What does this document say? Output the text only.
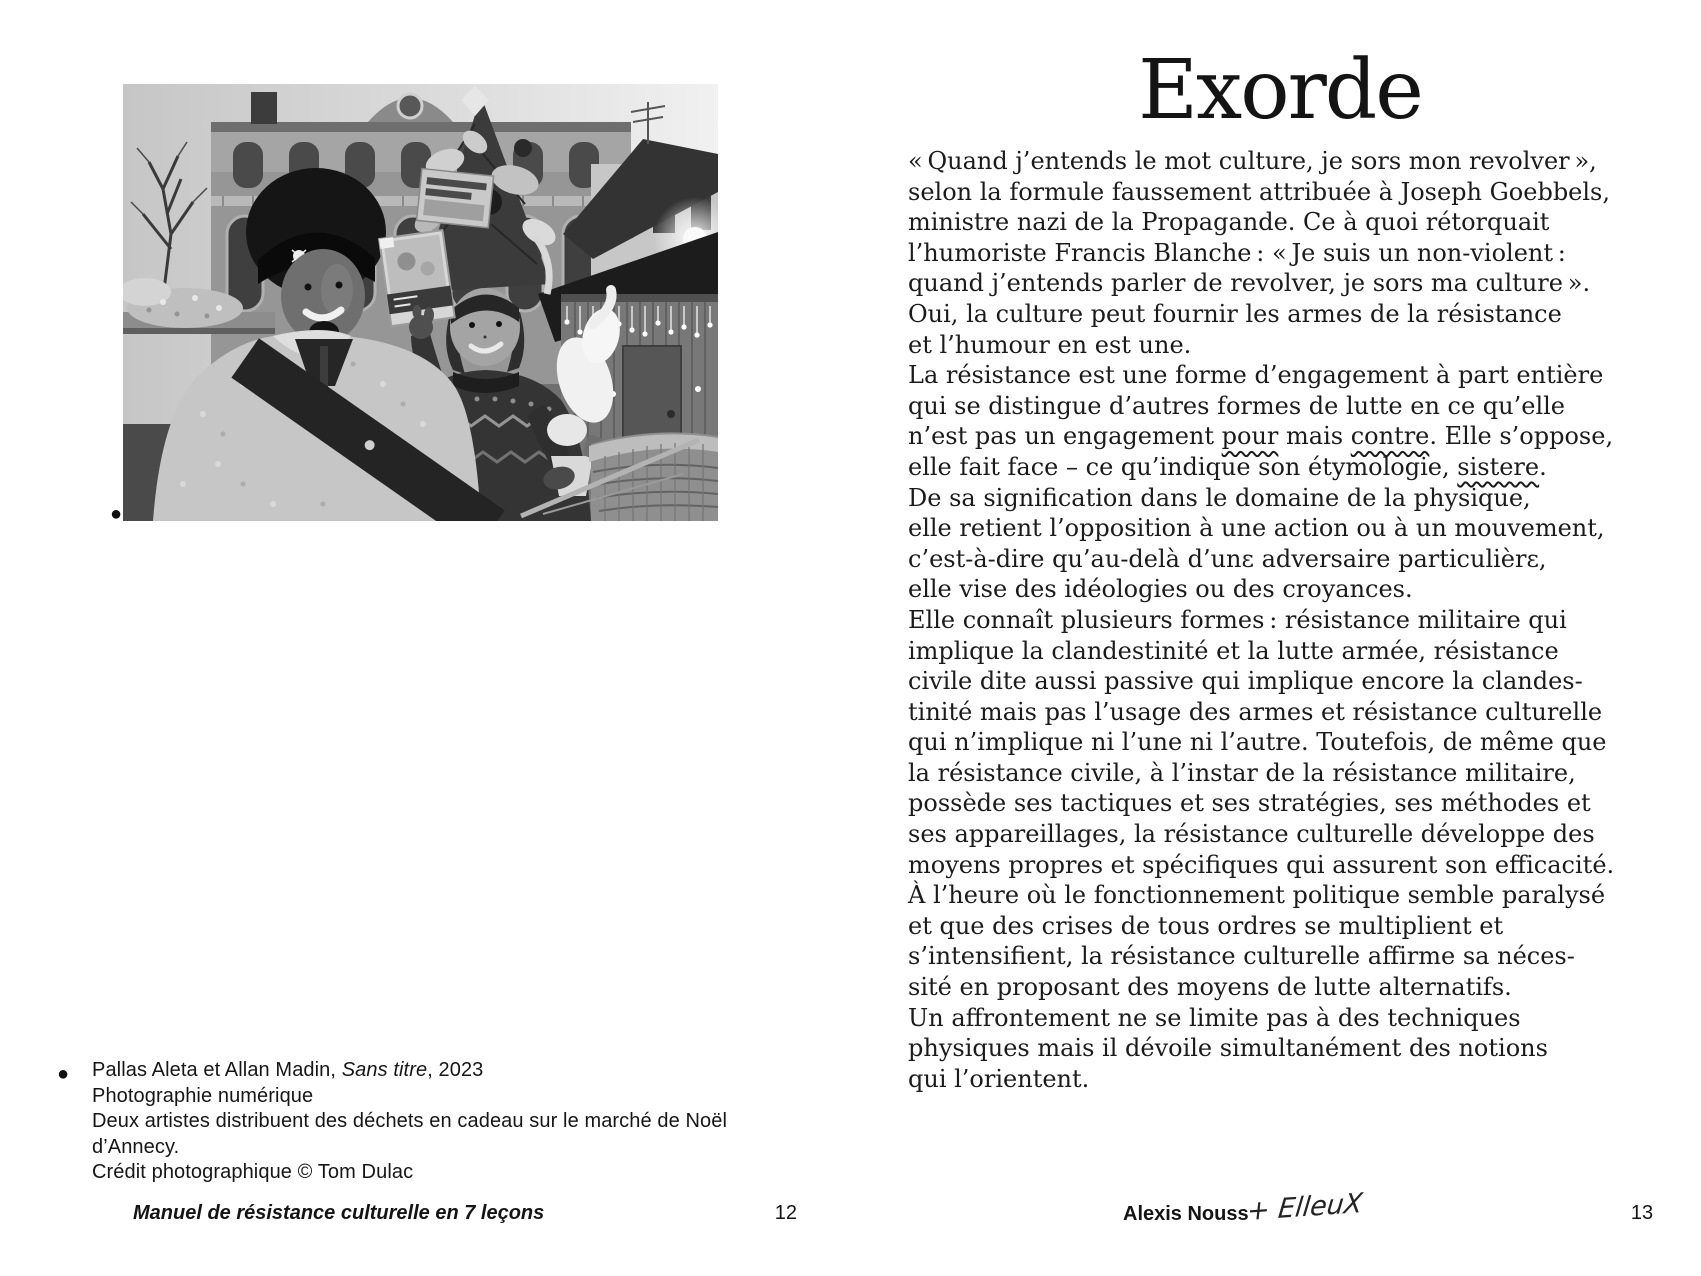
●
● Pallas Aleta et Allan Madin, Sans titre, 2023
Photographie numérique
Deux artistes distribuent des déchets en cadeau sur le marché de Noël
d’Annecy.
Crédit photographique © Tom Dulac
Manuel de résistance culturelle en 7 leçons	12
Exorde
« Quand j’entends le mot culture, je sors mon revolver »,
selon la formule faussement attribuée à Joseph Goebbels,
ministre nazi de la Propagande. Ce à quoi rétorquait
l’humoriste Francis Blanche : « Je suis un non-violent :
quand j’entends parler de revolver, je sors ma culture ».
Oui, la culture peut fournir les armes de la résistance
et l’humour en est une.
La résistance est une forme d’engagement à part entière
qui se distingue d’autres formes de lutte en ce qu’elle
n’est pas un engagement pour mais contre. Elle s’oppose,
elle fait face – ce qu’indique son étymologie, sistere.
De sa signification dans le domaine de la physique,
elle retient l’opposition à une action ou à un mouvement,
c’est-à-dire qu’au-delà d’unε adversaire particulièrε,
elle vise des idéologies ou des croyances.
Elle connaît plusieurs formes : résistance militaire qui
implique la clandestinité et la lutte armée, résistance
civile dite aussi passive qui implique encore la clandes-
tinité mais pas l’usage des armes et résistance culturelle
qui n’implique ni l’une ni l’autre. Toutefois, de même que
la résistance civile, à l’instar de la résistance militaire,
possède ses tactiques et ses stratégies, ses méthodes et
ses appareillages, la résistance culturelle développe des
moyens propres et spécifiques qui assurent son efficacité.
À l’heure où le fonctionnement politique semble paralysé
et que des crises de tous ordres se multiplient et
s’intensifient, la résistance culturelle affirme sa néces-
sité en proposant des moyens de lutte alternatifs.
Un affrontement ne se limite pas à des techniques
physiques mais il dévoile simultanément des notions
qui l’orientent.
Alexis Nouss
+ ElleuX	13
